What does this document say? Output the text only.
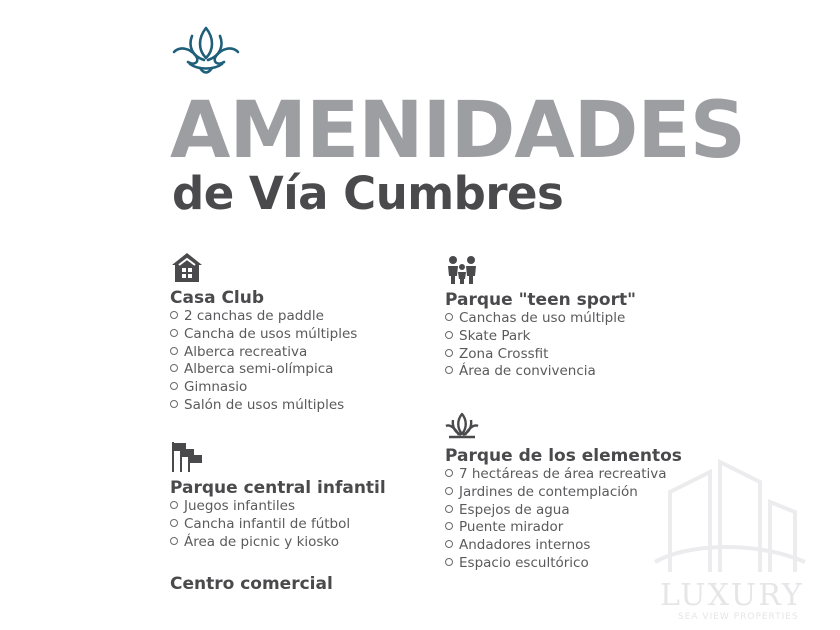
AMENIDADES
de Vía Cumbres
Casa Club
2 canchas de paddle
Cancha de usos múltiples
Alberca recreativa
Alberca semi-olímpica
Gimnasio
Salón de usos múltiples
Parque central infantil
Juegos infantiles
Cancha infantil de fútbol
Área de picnic y kiosko
Centro comercial
Parque "teen sport"
Canchas de uso múltiple
Skate Park
Zona Crossfit
Área de convivencia
Parque de los elementos
7 hectáreas de área recreativa
Jardines de contemplación
Espejos de agua
Puente mirador
Andadores internos
Espacio escultórico
LUXURY
SEA VIEW PROPERTIES
